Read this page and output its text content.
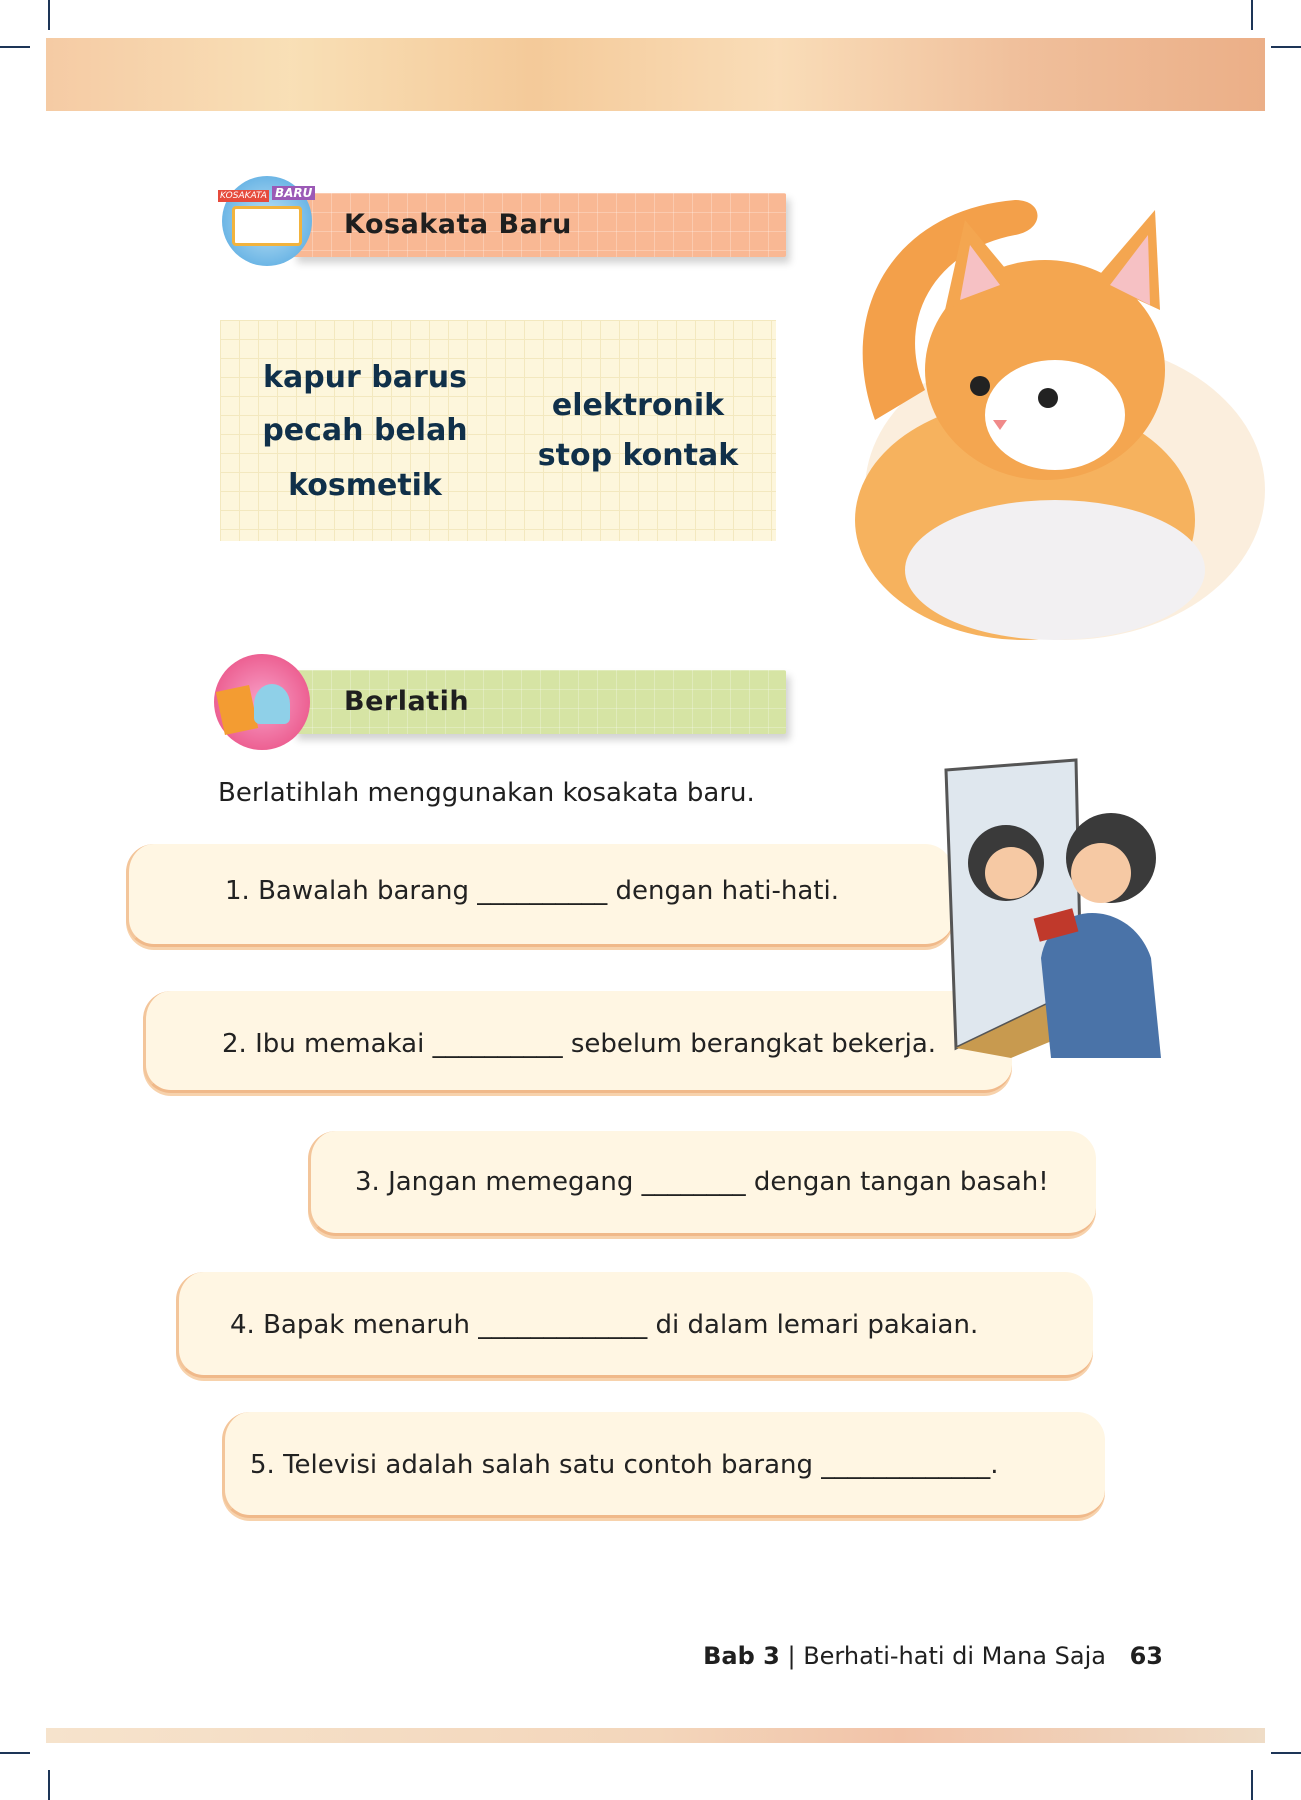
Kosakata Baru
KOSAKATA BARU
kapur barus
pecah belah
kosmetik
elektronik
stop kontak
Berlatih
Berlatihlah menggunakan kosakata baru.
1. Bawalah barang __________ dengan hati-hati.
2. Ibu memakai __________ sebelum berangkat bekerja.
3. Jangan memegang ________ dengan tangan basah!
4. Bapak menaruh _____________ di dalam lemari pakaian.
5. Televisi adalah salah satu contoh barang _____________.
Bab 3 | Berhati-hati di Mana Saja 63
